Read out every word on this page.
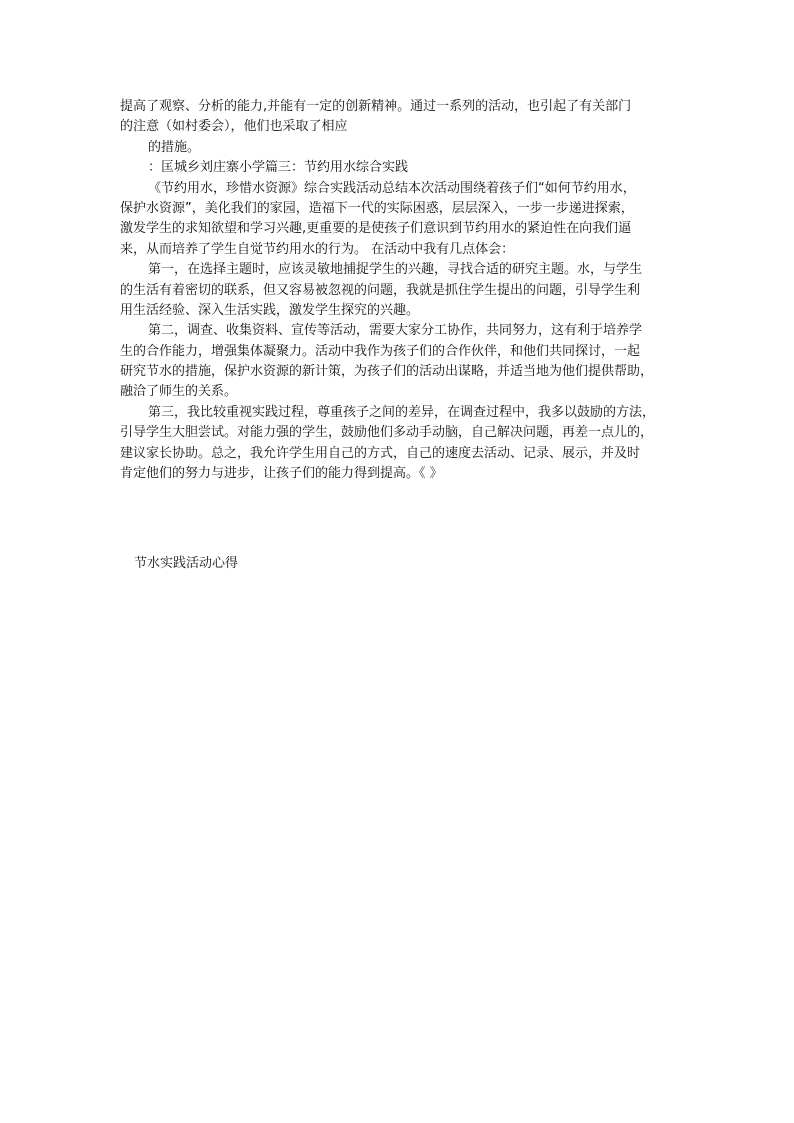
提高了观察、分析的能力,并能有一定的创新精神。通过一系列的活动，也引起了有关部门
的注意（如村委会），他们也采取了相应
的措施。
：匡城乡刘庄寨小学篇三：节约用水综合实践
《节约用水，珍惜水资源》综合实践活动总结本次活动围绕着孩子们“如何节约用水，
保护水资源”，美化我们的家园，造福下一代的实际困惑，层层深入，一步一步递进探索，
激发学生的求知欲望和学习兴趣,更重要的是使孩子们意识到节约用水的紧迫性在向我们逼
来，从而培养了学生自觉节约用水的行为。 在活动中我有几点体会：
第一，在选择主题时，应该灵敏地捕捉学生的兴趣，寻找合适的研究主题。水，与学生
的生活有着密切的联系，但又容易被忽视的问题，我就是抓住学生提出的问题，引导学生利
用生活经验、深入生活实践，激发学生探究的兴趣。
第二，调查、收集资料、宣传等活动，需要大家分工协作，共同努力，这有利于培养学
生的合作能力，增强集体凝聚力。活动中我作为孩子们的合作伙伴，和他们共同探讨，一起
研究节水的措施，保护水资源的新计策，为孩子们的活动出谋略，并适当地为他们提供帮助，
融洽了师生的关系。
第三，我比较重视实践过程，尊重孩子之间的差异，在调查过程中，我多以鼓励的方法，
引导学生大胆尝试。对能力强的学生，鼓励他们多动手动脑，自己解决问题，再差一点儿的，
建议家长协助。总之，我允许学生用自己的方式，自己的速度去活动、记录、展示，并及时
肯定他们的努力与进步，让孩子们的能力得到提高。《 》
节水实践活动心得
